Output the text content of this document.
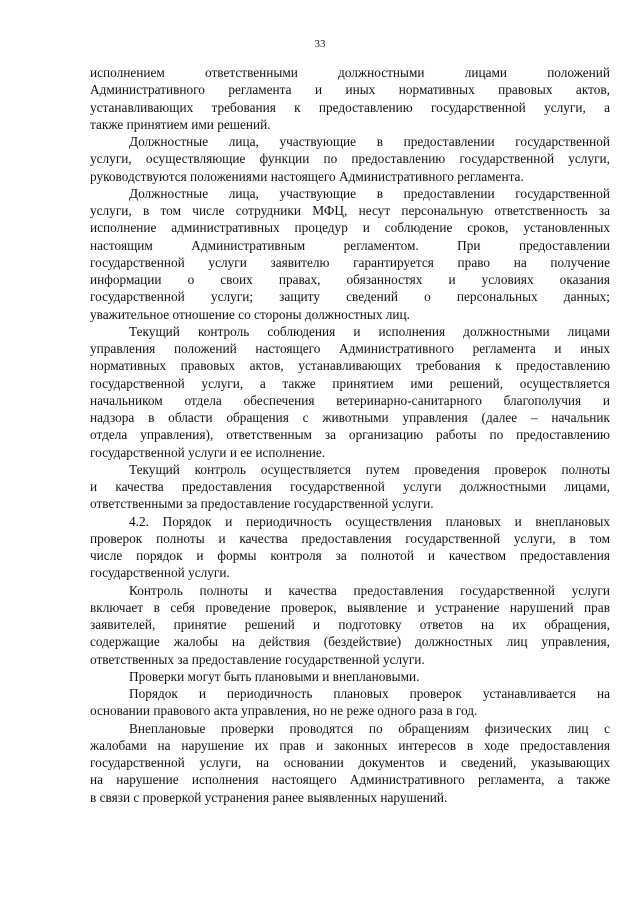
33

исполнением ответственными должностными лицами положений
Административного регламента и иных нормативных правовых актов,
устанавливающих требования к предоставлению государственной услуги, а
также принятием ими решений.

Должностные лица, участвующие в предоставлении государственной
услуги, осуществляющие функции по предоставлению государственной услуги,
руководствуются положениями настоящего Административного регламента.

Должностные лица, участвующие в предоставлении государственной
услуги, в том числе сотрудники МФЦ, несут персональную ответственность за
исполнение административных процедур и соблюдение сроков, установленных
настоящим Административным регламентом. При предоставлении
государственной услуги заявителю гарантируется право на получение
информации о своих правах, обязанностях и условиях оказания
государственной услуги; защиту сведений о персональных данных;
уважительное отношение со стороны должностных лиц.

Текущий контроль соблюдения и исполнения должностными лицами
управления положений настоящего Административного регламента и иных
нормативных правовых актов, устанавливающих требования к предоставлению
государственной услуги, а также принятием ими решений, осуществляется
начальником отдела обеспечения ветеринарно-санитарного благополучия и
надзора в области обращения с животными управления (далее – начальник
отдела управления), ответственным за организацию работы по предоставлению
государственной услуги и ее исполнение.

Текущий контроль осуществляется путем проведения проверок полноты
и качества предоставления государственной услуги должностными лицами,
ответственными за предоставление государственной услуги.

4.2. Порядок и периодичность осуществления плановых и внеплановых
проверок полноты и качества предоставления государственной услуги, в том
числе порядок и формы контроля за полнотой и качеством предоставления
государственной услуги.

Контроль полноты и качества предоставления государственной услуги
включает в себя проведение проверок, выявление и устранение нарушений прав
заявителей, принятие решений и подготовку ответов на их обращения,
содержащие жалобы на действия (бездействие) должностных лиц управления,
ответственных за предоставление государственной услуги.

Проверки могут быть плановыми и внеплановыми.

Порядок и периодичность плановых проверок устанавливается на
основании правового акта управления, но не реже одного раза в год.

Внеплановые проверки проводятся по обращениям физических лиц с
жалобами на нарушение их прав и законных интересов в ходе предоставления
государственной услуги, на основании документов и сведений, указывающих
на нарушение исполнения настоящего Административного регламента, а также
в связи с проверкой устранения ранее выявленных нарушений.
